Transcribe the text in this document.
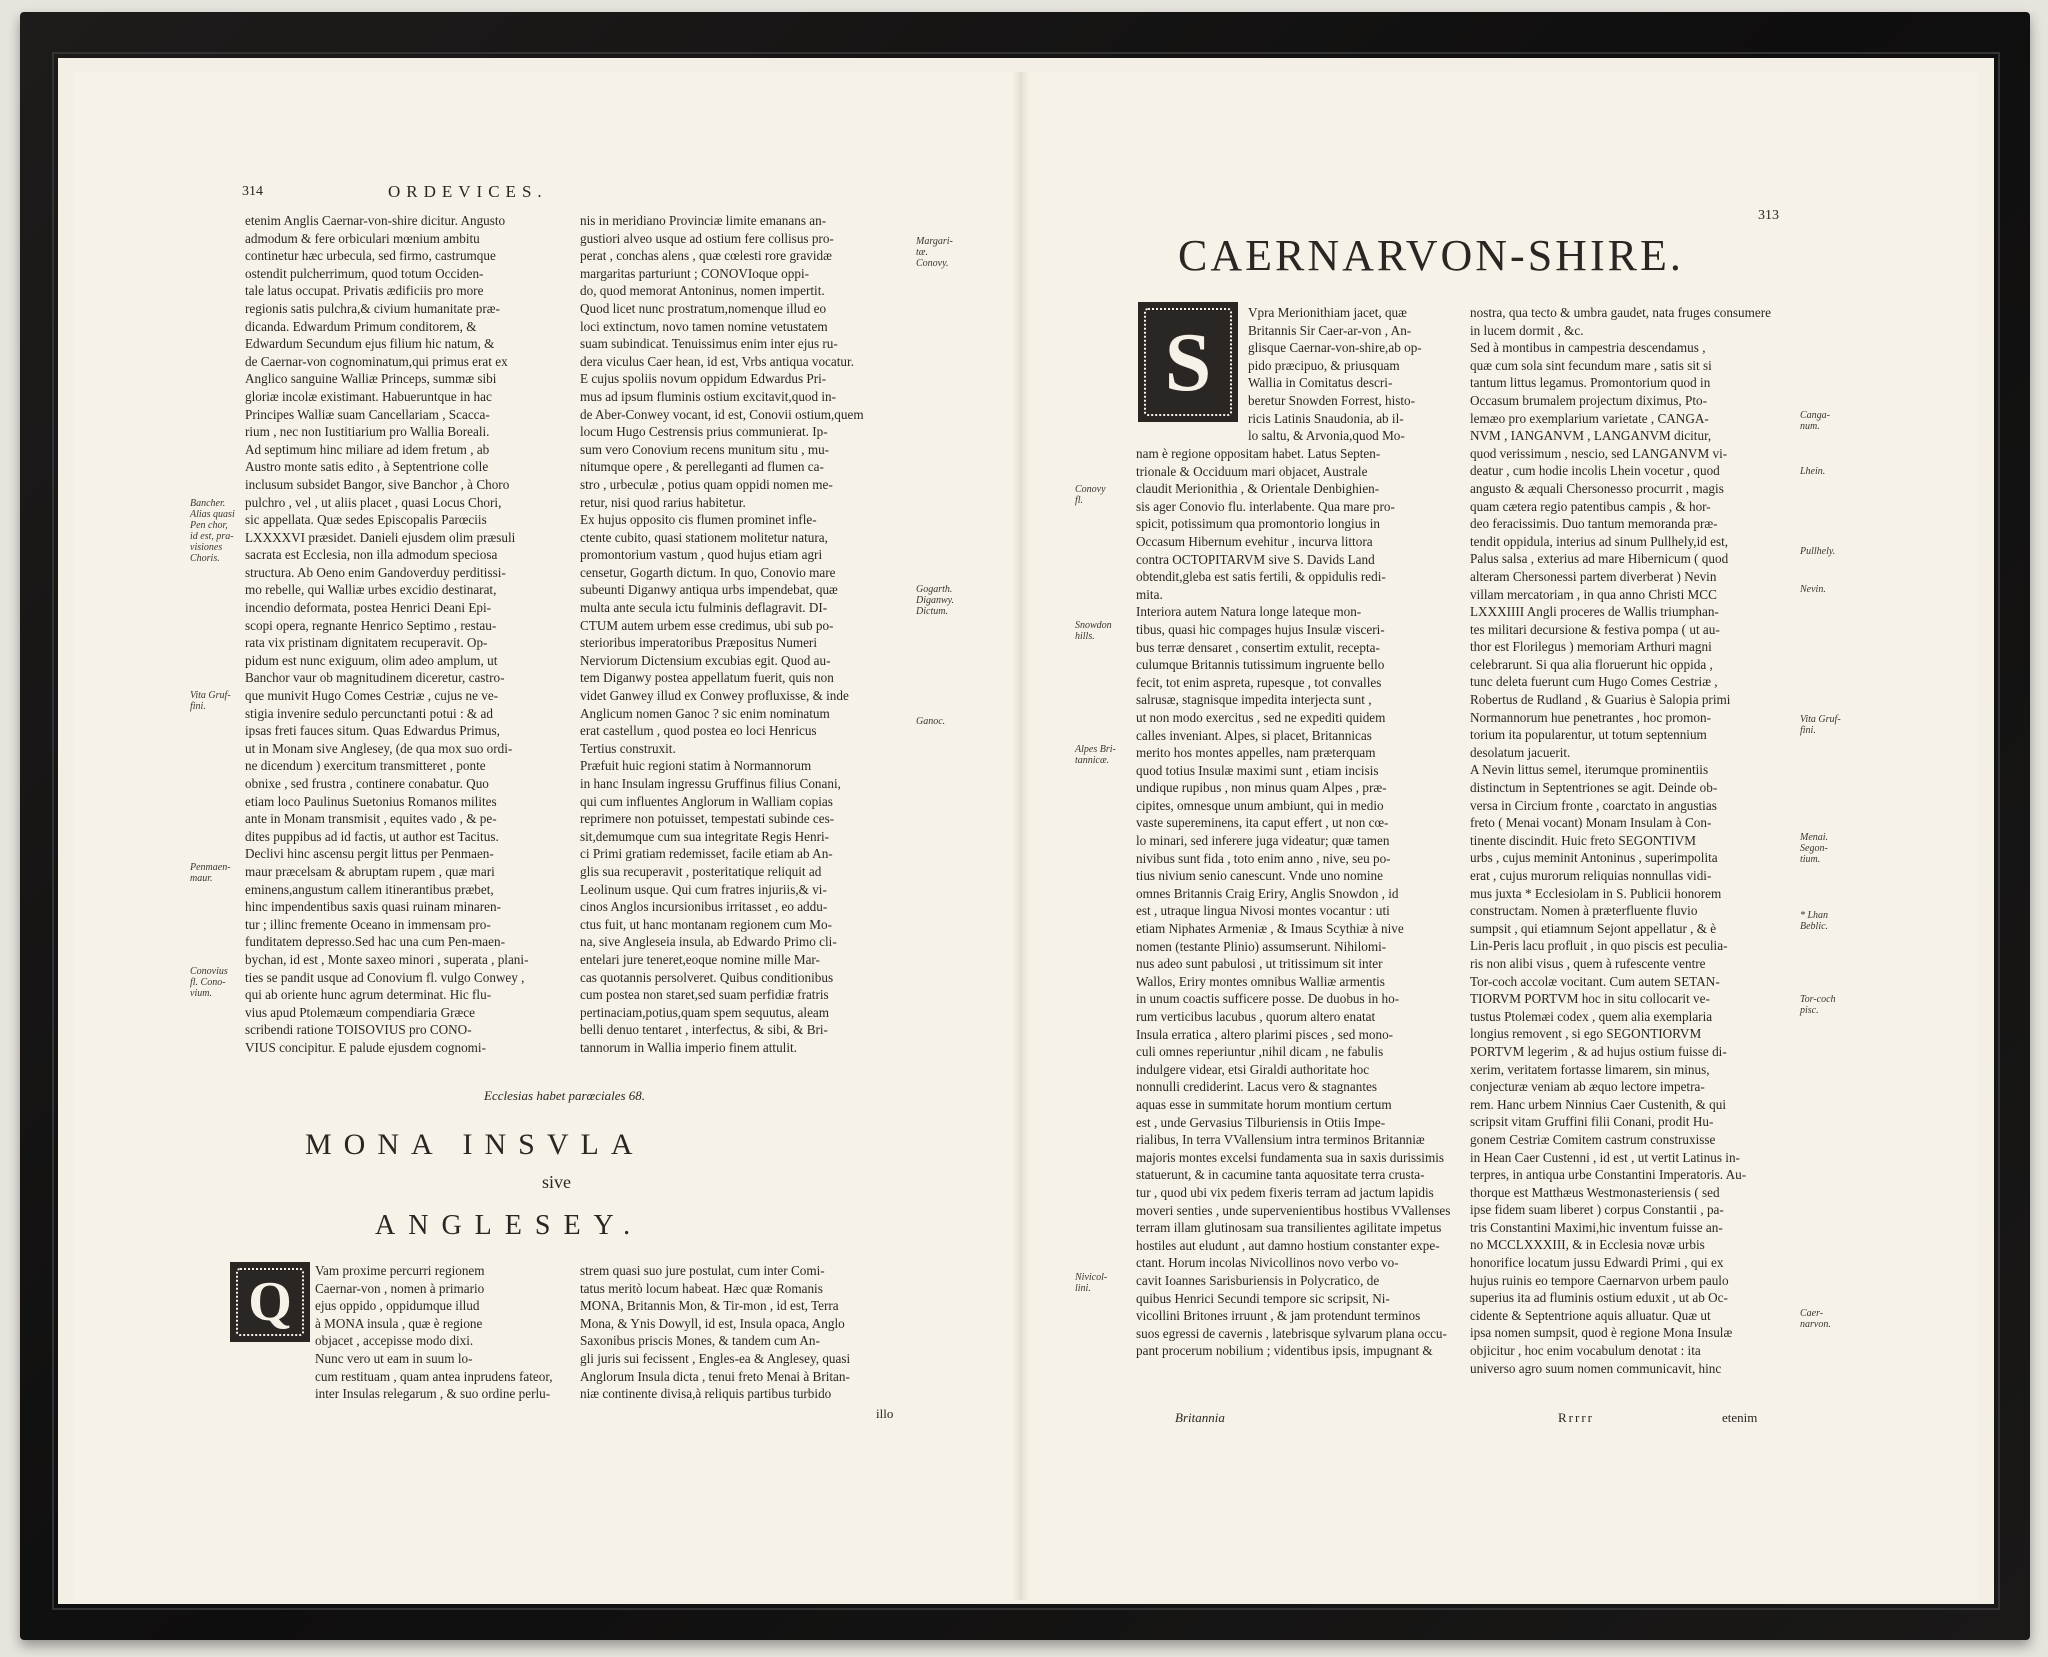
314	ORDEVICES.
etenim Anglis Caernar-von-shire dicitur. Angusto
admodum & fere orbiculari mœnium ambitu
continetur hæc urbecula, sed firmo, castrumque
ostendit pulcherrimum, quod totum Occiden-
tale latus occupat. Privatis ædificiis pro more
regionis satis pulchra,& civium humanitate præ-
dicanda. Edwardum Primum conditorem, &
Edwardum Secundum ejus filium hic natum, &
de Caernar-von cognominatum,qui primus erat ex
Anglico sanguine Walliæ Princeps, summæ sibi
gloriæ incolæ existimant. Habueruntque in hac
Principes Walliæ suam Cancellariam , Scacca-
rium , nec non Iustitiarium pro Wallia Boreali.
Ad septimum hinc miliare ad idem fretum , ab
Austro monte satis edito , à Septentrione colle
inclusum subsidet Bangor, sive Banchor , à Choro
pulchro , vel , ut aliis placet , quasi Locus Chori,
sic appellata. Quæ sedes Episcopalis Parœciis
LXXXXVI præsidet. Danieli ejusdem olim præsuli
sacrata est Ecclesia, non illa admodum speciosa
structura. Ab Oeno enim Gandoverduy perditissi-
mo rebelle, qui Walliæ urbes excidio destinarat,
incendio deformata, postea Henrici Deani Epi-
scopi opera, regnante Henrico Septimo , restau-
rata vix pristinam dignitatem recuperavit. Op-
pidum est nunc exiguum, olim adeo amplum, ut
Banchor vaur ob magnitudinem diceretur, castro-
que munivit Hugo Comes Cestriæ , cujus ne ve-
stigia invenire sedulo percunctanti potui : & ad
ipsas freti fauces situm. Quas Edwardus Primus,
ut in Monam sive Anglesey, (de qua mox suo ordi-
ne dicendum ) exercitum transmitteret , ponte
obnixe , sed frustra , continere conabatur. Quo
etiam loco Paulinus Suetonius Romanos milites
ante in Monam transmisit , equites vado , & pe-
dites puppibus ad id factis, ut author est Tacitus.
Declivi hinc ascensu pergit littus per Penmaen-
maur præcelsam & abruptam rupem , quæ mari
eminens,angustum callem itinerantibus præbet,
hinc impendentibus saxis quasi ruinam minaren-
tur ; illinc fremente Oceano in immensam pro-
funditatem depresso.Sed hac una cum Pen-maen-
bychan, id est , Monte saxeo minori , superata , plani-
ties se pandit usque ad Conovium fl. vulgo Conwey ,
qui ab oriente hunc agrum determinat. Hic flu-
vius apud Ptolemæum compendiaria Græce
scribendi ratione TOISOVIUS pro CONO-
VIUS concipitur. E palude ejusdem cognomi-
nis in meridiano Provinciæ limite emanans an-
gustiori alveo usque ad ostium fere collisus pro-
perat , conchas alens , quæ cœlesti rore gravidæ
margaritas parturiunt ; CONOVIoque oppi-
do, quod memorat Antoninus, nomen impertit.
Quod licet nunc prostratum,nomenque illud eo
loci extinctum, novo tamen nomine vetustatem
suam subindicat. Tenuissimus enim inter ejus ru-
dera viculus Caer hean, id est, Vrbs antiqua vocatur.
E cujus spoliis novum oppidum Edwardus Pri-
mus ad ipsum fluminis ostium excitavit,quod in-
de Aber-Conwey vocant, id est, Conovii ostium,quem
locum Hugo Cestrensis prius communierat. Ip-
sum vero Conovium recens munitum situ , mu-
nitumque opere , & perelleganti ad flumen ca-
stro , urbeculæ , potius quam oppidi nomen me-
retur, nisi quod rarius habitetur.
Ex hujus opposito cis flumen prominet infle-
ctente cubito, quasi stationem molitetur natura,
promontorium vastum , quod hujus etiam agri
censetur, Gogarth dictum. In quo, Conovio mare
subeunti Diganwy antiqua urbs impendebat, quæ
multa ante secula ictu fulminis deflagravit. DI-
CTUM autem urbem esse credimus, ubi sub po-
sterioribus imperatoribus Præpositus Numeri
Nerviorum Dictensium excubias egit. Quod au-
tem Diganwy postea appellatum fuerit, quis non
videt Ganwey illud ex Conwey profluxisse, & inde
Anglicum nomen Ganoc ? sic enim nominatum
erat castellum , quod postea eo loci Henricus
Tertius construxit.
Præfuit huic regioni statim à Normannorum
in hanc Insulam ingressu Gruffinus filius Conani,
qui cum influentes Anglorum in Walliam copias
reprimere non potuisset, tempestati subinde ces-
sit,demumque cum sua integritate Regis Henri-
ci Primi gratiam redemisset, facile etiam ab An-
glis sua recuperavit , posteritatique reliquit ad
Leolinum usque. Qui cum fratres injuriis,& vi-
cinos Anglos incursionibus irritasset , eo addu-
ctus fuit, ut hanc montanam regionem cum Mo-
na, sive Angleseia insula, ab Edwardo Primo cli-
entelari jure teneret,eoque nomine mille Mar-
cas quotannis persolveret. Quibus conditionibus
cum postea non staret,sed suam perfidiæ fratris
pertinaciam,potius,quam spem sequutus, aleam
belli denuo tentaret , interfectus, & sibi, & Bri-
tannorum in Wallia imperio finem attulit.
Ecclesias habet parœciales 68.
Margari-
tæ.
Conovy.
Bancher.
Alias quasi
Pen chor,
id est, pra-
visiones
Choris.
Gogarth.
Diganwy.
Dictum.
Ganoc.
Vita Gruf-
fini.
Penmaen-
maur.
Conovius
fl. Cono-
vium.
MONA INSVLA
sive
ANGLESEY.
Q
Vam proxime percurri regionem
Caernar-von , nomen à primario
ejus oppido , oppidumque illud
à MONA insula , quæ è regione
objacet , accepisse modo dixi.
Nunc vero ut eam in suum lo-
cum restituam , quam antea inprudens fateor,
inter Insulas relegarum , & suo ordine perlu-
strem quasi suo jure postulat, cum inter Comi-
tatus meritò locum habeat. Hæc quæ Romanis
MONA, Britannis Mon, & Tir-mon , id est, Terra
Mona, & Ynis Dowyll, id est, Insula opaca, Anglo
Saxonibus priscis Mones, & tandem cum An-
gli juris sui fecissent , Engles-ea & Anglesey, quasi
Anglorum Insula dicta , tenui freto Menai à Britan-
niæ continente divisa,à reliquis partibus turbido
illo
313
CAERNARVON-SHIRE.
S
Vpra Merionithiam jacet, quæ
Britannis Sir Caer-ar-von , An-
glisque Caernar-von-shire,ab op-
pido præcipuo, & priusquam
Wallia in Comitatus descri-
beretur Snowden Forrest, histo-
ricis Latinis Snaudonia, ab il-
lo saltu, & Arvonia,quod Mo-
nam è regione oppositam habet. Latus Septen-
trionale & Occiduum mari objacet, Australe
claudit Merionithia , & Orientale Denbighien-
sis ager Conovio flu. interlabente. Qua mare pro-
spicit, potissimum qua promontorio longius in
Occasum Hibernum evehitur , incurva littora
contra OCTOPITARVM sive S. Davids Land
obtendit,gleba est satis fertili, & oppidulis redi-
mita.
Interiora autem Natura longe lateque mon-
tibus, quasi hic compages hujus Insulæ visceri-
bus terræ densaret , consertim extulit, recepta-
culumque Britannis tutissimum ingruente bello
fecit, tot enim aspreta, rupesque , tot convalles
salrusæ, stagnisque impedita interjecta sunt ,
ut non modo exercitus , sed ne expediti quidem
calles inveniant. Alpes, si placet, Britannicas
merito hos montes appelles, nam præterquam
quod totius Insulæ maximi sunt , etiam incisis
undique rupibus , non minus quam Alpes , præ-
cipites, omnesque unum ambiunt, qui in medio
vaste supereminens, ita caput effert , ut non cœ-
lo minari, sed inferere juga videatur; quæ tamen
nivibus sunt fida , toto enim anno , nive, seu po-
tius nivium senio canescunt. Vnde uno nomine
omnes Britannis Craig Eriry, Anglis Snowdon , id
est , utraque lingua Nivosi montes vocantur : uti
etiam Niphates Armeniæ , & Imaus Scythiæ à nive
nomen (testante Plinio) assumserunt. Nihilomi-
nus adeo sunt pabulosi , ut tritissimum sit inter
Wallos, Eriry montes omnibus Walliæ armentis
in unum coactis sufficere posse. De duobus in ho-
rum verticibus lacubus , quorum altero enatat
Insula erratica , altero plarimi pisces , sed mono-
culi omnes reperiuntur ,nihil dicam , ne fabulis
indulgere videar, etsi Giraldi authoritate hoc
nonnulli crediderint. Lacus vero & stagnantes
aquas esse in summitate horum montium certum
est , unde Gervasius Tilburiensis in Otiis Impe-
rialibus, In terra VVallensium intra terminos Britanniæ
majoris montes excelsi fundamenta sua in saxis durissimis
statuerunt, & in cacumine tanta aquositate terra crusta-
tur , quod ubi vix pedem fixeris terram ad jactum lapidis
moveri senties , unde supervenientibus hostibus VVallenses
terram illam glutinosam sua transilientes agilitate impetus
hostiles aut eludunt , aut damno hostium constanter expe-
ctant. Horum incolas Nivicollinos novo verbo vo-
cavit Ioannes Sarisburiensis in Polycratico, de
quibus Henrici Secundi tempore sic scripsit, Ni-
vicollini Britones irruunt , & jam protendunt terminos
suos egressi de cavernis , latebrisque sylvarum plana occu-
pant procerum nobilium ; videntibus ipsis, impugnant &
nostra, qua tecto & umbra gaudet, nata fruges consumere
in lucem dormit , &c.
Sed à montibus in campestria descendamus ,
quæ cum sola sint fecundum mare , satis sit si
tantum littus legamus. Promontorium quod in
Occasum brumalem projectum diximus, Pto-
lemæo pro exemplarium varietate , CANGA-
NVM , IANGANVM , LANGANVM dicitur,
quod verissimum , nescio, sed LANGANVM vi-
deatur , cum hodie incolis Lhein vocetur , quod
angusto & æquali Chersonesso procurrit , magis
quam cætera regio patentibus campis , & hor-
deo feracissimis. Duo tantum memoranda præ-
tendit oppidula, interius ad sinum Pullhely,id est,
Palus salsa , exterius ad mare Hibernicum ( quod
alteram Chersonessi partem diverberat ) Nevin
villam mercatoriam , in qua anno Christi MCC
LXXXIIII Angli proceres de Wallis triumphan-
tes militari decursione & festiva pompa ( ut au-
thor est Florilegus ) memoriam Arthuri magni
celebrarunt. Si qua alia floruerunt hic oppida ,
tunc deleta fuerunt cum Hugo Comes Cestriæ ,
Robertus de Rudland , & Guarius è Salopia primi
Normannorum hue penetrantes , hoc promon-
torium ita popularentur, ut totum septennium
desolatum jacuerit.
A Nevin littus semel, iterumque prominentiis
distinctum in Septentriones se agit. Deinde ob-
versa in Circium fronte , coarctato in angustias
freto ( Menai vocant) Monam Insulam à Con-
tinente discindit. Huic freto SEGONTIVM
urbs , cujus meminit Antoninus , superimpolita
erat , cujus murorum reliquias nonnullas vidi-
mus juxta * Ecclesiolam in S. Publicii honorem
constructam. Nomen à præterfluente fluvio
sumpsit , qui etiamnum Sejont appellatur , & è
Lin-Peris lacu profluit , in quo piscis est peculia-
ris non alibi visus , quem à rufescente ventre
Tor-coch accolæ vocitant. Cum autem SETAN-
TIORVM PORTVM hoc in situ collocarit ve-
tustus Ptolemæi codex , quem alia exemplaria
longius removent , si ego SEGONTIORVM
PORTVM legerim , & ad hujus ostium fuisse di-
xerim, veritatem fortasse limarem, sin minus,
conjecturæ veniam ab æquo lectore impetra-
rem. Hanc urbem Ninnius Caer Custenith, & qui
scripsit vitam Gruffini filii Conani, prodit Hu-
gonem Cestriæ Comitem castrum construxisse
in Hean Caer Custenni , id est , ut vertit Latinus in-
terpres, in antiqua urbe Constantini Imperatoris. Au-
thorque est Matthæus Westmonasteriensis ( sed
ipse fidem suam liberet ) corpus Constantii , pa-
tris Constantini Maximi,hic inventum fuisse an-
no MCCLXXXIII, & in Ecclesia novæ urbis
honorifice locatum jussu Edwardi Primi , qui ex
hujus ruinis eo tempore Caernarvon urbem paulo
superius ita ad fluminis ostium eduxit , ut ab Oc-
cidente & Septentrione aquis alluatur. Quæ ut
ipsa nomen sumpsit, quod è regione Mona Insulæ
objicitur , hoc enim vocabulum denotat : ita
universo agro suum nomen communicavit, hinc
Conovy
fl.
Snowdon
hills.
Alpes Bri-
tannicæ.
Nivicol-
lini.
Canga-
num.
Lhein.
Pullhely.
Nevin.
Vita Gruf-
fini.
Menai.
Segon-
tium.
* Lhan
Beblic.
Tor-coch
pisc.
Caer-
narvon.
Britannia	Rrrrr	etenim
